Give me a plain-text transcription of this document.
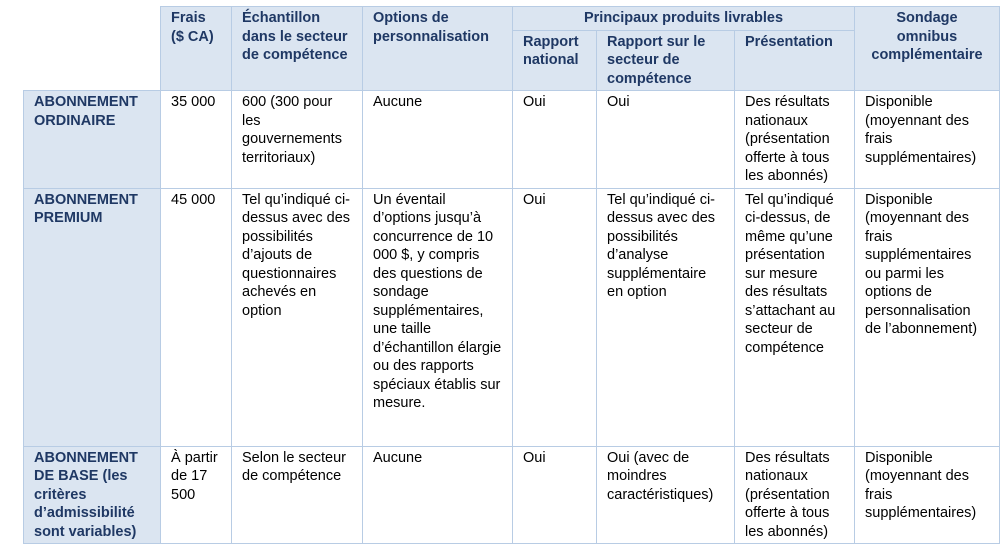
	Frais ($ CA)	Échantillon dans le secteur de compétence	Options de personnalisation	Principaux produits livrables			Sondage omnibus complémentaire
				Rapport national	Rapport sur le secteur de compétence	Présentation	
ABONNEMENT ORDINAIRE	35 000	600 (300 pour les gouvernements territoriaux)	Aucune	Oui	Oui	Des résultats nationaux (présentation offerte à tous les abonnés)	Disponible (moyennant des frais supplémentaires)
ABONNEMENT PREMIUM	45 000	Tel qu’indiqué ci-dessus avec des possibilités d’ajouts de questionnaires achevés en option	Un éventail d’options jusqu’à concurrence de 10 000 $, y compris des questions de sondage supplémentaires, une taille d’échantillon élargie ou des rapports spéciaux établis sur mesure.	Oui	Tel qu’indiqué ci-dessus avec des possibilités d’analyse supplémentaire en option	Tel qu’indiqué ci-dessus, de même qu’une présentation sur mesure des résultats s’attachant au secteur de compétence	Disponible (moyennant des frais supplémentaires ou parmi les options de personnalisation de l’abonnement)
ABONNEMENT DE BASE (les critères d’admissibilité sont variables)	À partir de 17 500	Selon le secteur de compétence	Aucune	Oui	Oui (avec de moindres caractéristiques)	Des résultats nationaux (présentation offerte à tous les abonnés)	Disponible (moyennant des frais supplémentaires)
